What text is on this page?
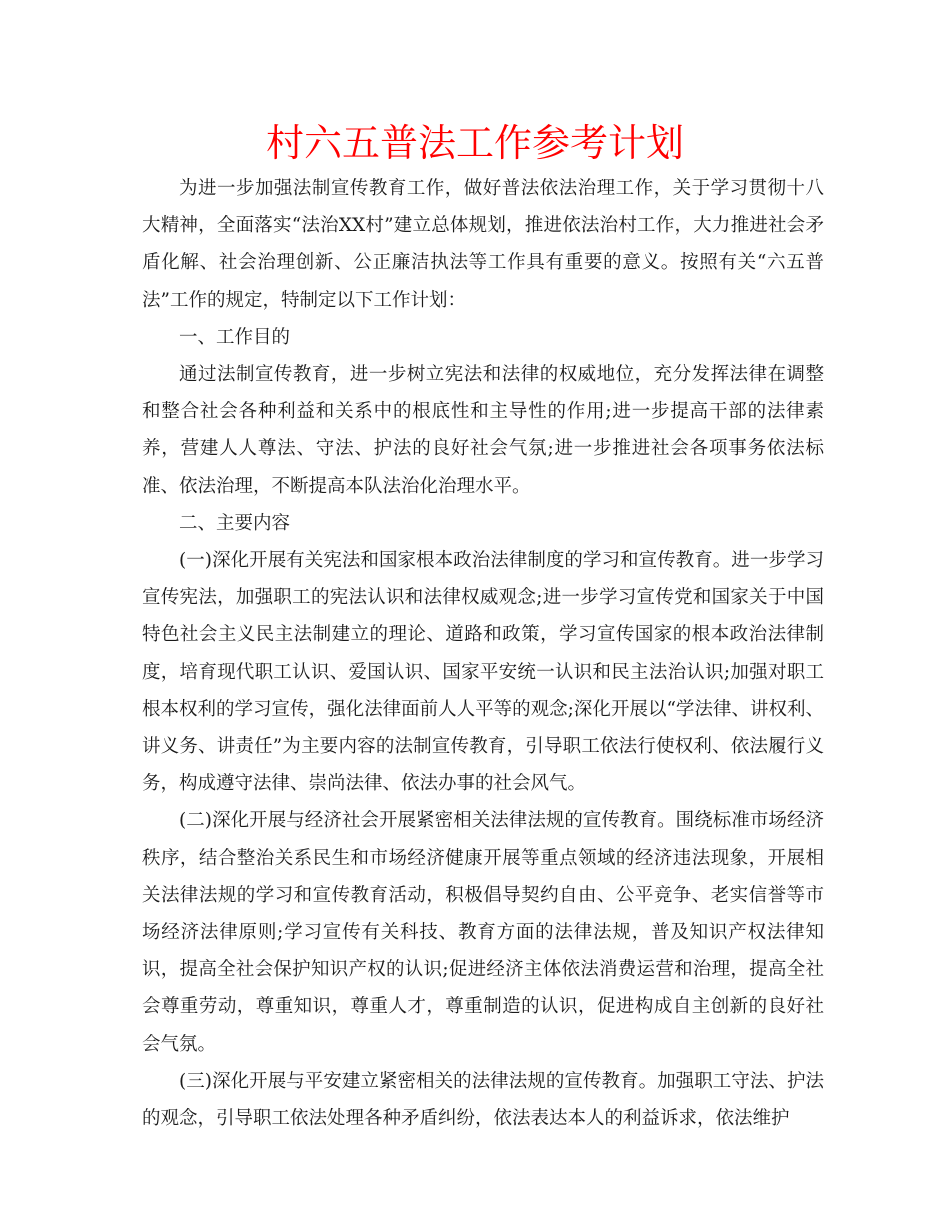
村六五普法工作参考计划

为进一步加强法制宣传教育工作，做好普法依法治理工作，关于学习贯彻十八大精神，全面落实“法治XX村”建立总体规划，推进依法治村工作，大力推进社会矛盾化解、社会治理创新、公正廉洁执法等工作具有重要的意义。按照有关“六五普法”工作的规定，特制定以下工作计划：

一、工作目的

通过法制宣传教育，进一步树立宪法和法律的权威地位，充分发挥法律在调整和整合社会各种利益和关系中的根底性和主导性的作用;进一步提高干部的法律素养，营建人人尊法、守法、护法的良好社会气氛;进一步推进社会各项事务依法标准、依法治理，不断提高本队法治化治理水平。

二、主要内容

(一)深化开展有关宪法和国家根本政治法律制度的学习和宣传教育。进一步学习宣传宪法，加强职工的宪法认识和法律权威观念;进一步学习宣传党和国家关于中国特色社会主义民主法制建立的理论、道路和政策，学习宣传国家的根本政治法律制度，培育现代职工认识、爱国认识、国家平安统一认识和民主法治认识;加强对职工根本权利的学习宣传，强化法律面前人人平等的观念;深化开展以“学法律、讲权利、讲义务、讲责任”为主要内容的法制宣传教育，引导职工依法行使权利、依法履行义务，构成遵守法律、崇尚法律、依法办事的社会风气。

(二)深化开展与经济社会开展紧密相关法律法规的宣传教育。围绕标准市场经济秩序，结合整治关系民生和市场经济健康开展等重点领域的经济违法现象，开展相关法律法规的学习和宣传教育活动，积极倡导契约自由、公平竞争、老实信誉等市场经济法律原则;学习宣传有关科技、教育方面的法律法规，普及知识产权法律知识，提高全社会保护知识产权的认识;促进经济主体依法消费运营和治理，提高全社会尊重劳动，尊重知识，尊重人才，尊重制造的认识，促进构成自主创新的良好社会气氛。

(三)深化开展与平安建立紧密相关的法律法规的宣传教育。加强职工守法、护法的观念，引导职工依法处理各种矛盾纠纷，依法表达本人的利益诉求，依法维护
